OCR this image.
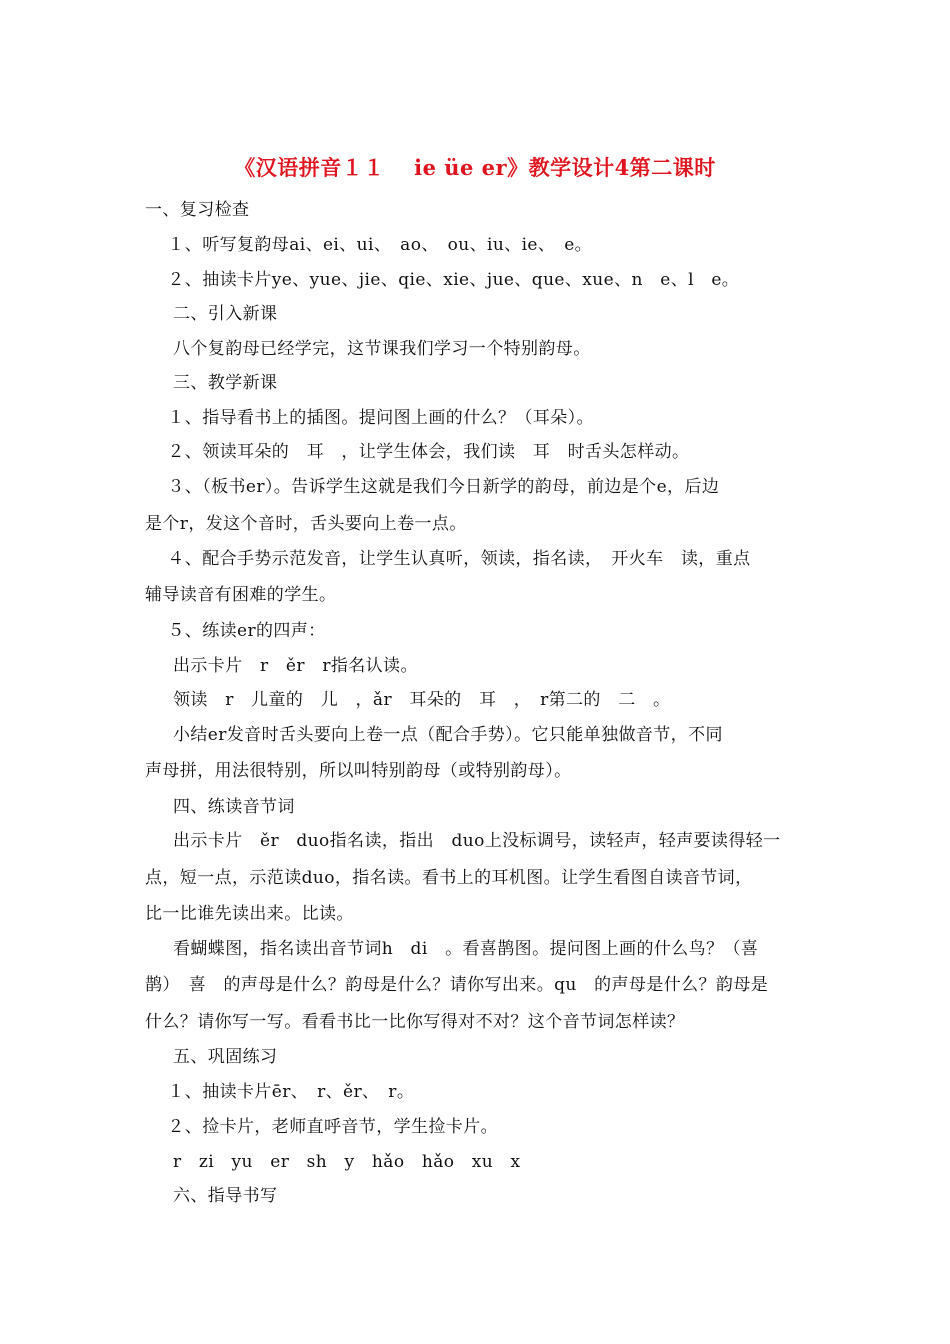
《汉语拼音１１　 ie üe er》教学设计4第二课时
一、复习检查
　１、听写复韵母ai、ei、ui、　ao、　ou、iu、ie、　e。
　２、抽读卡片ye、yue、jie、qie、xie、jue、que、xue、n　e、l　e。
二、引入新课
八个复韵母已经学完，这节课我们学习一个特别韵母。
三、教学新课
　１、指导看书上的插图。提问图上画的什么？（耳朵）。
　２、领读耳朵的　耳　，让学生体会，我们读　耳　时舌头怎样动。
　３、（板书er）。告诉学生这就是我们今日新学的韵母，前边是个e，后边
是个r，发这个音时，舌头要向上卷一点。
　４、配合手势示范发音，让学生认真听，领读，指名读，　开火车　读，重点
辅导读音有困难的学生。
　５、练读er的四声：
出示卡片　r　ěr　r指名认读。
领读　r　儿童的　儿　，ǎr　耳朵的　耳　，　r第二的　二　。
小结er发音时舌头要向上卷一点（配合手势）。它只能单独做音节，不同
声母拼，用法很特别，所以叫特别韵母（或特别韵母）。
四、练读音节词
出示卡片　ěr　duo指名读，指出　duo上没标调号，读轻声，轻声要读得轻一
点，短一点，示范读duo，指名读。看书上的耳机图。让学生看图自读音节词，
比一比谁先读出来。比读。
看蝴蝶图，指名读出音节词h　di　。看喜鹊图。提问图上画的什么鸟？（喜
鹊）　喜　的声母是什么？韵母是什么？请你写出来。qu　的声母是什么？韵母是
什么？请你写一写。看看书比一比你写得对不对？这个音节词怎样读？
五、巩固练习
　１、抽读卡片ēr、　r、ěr、　r。
　２、捡卡片，老师直呼音节，学生捡卡片。
r　zi　yu　er　sh　y　hǎo　hǎo　xu　x
六、指导书写
